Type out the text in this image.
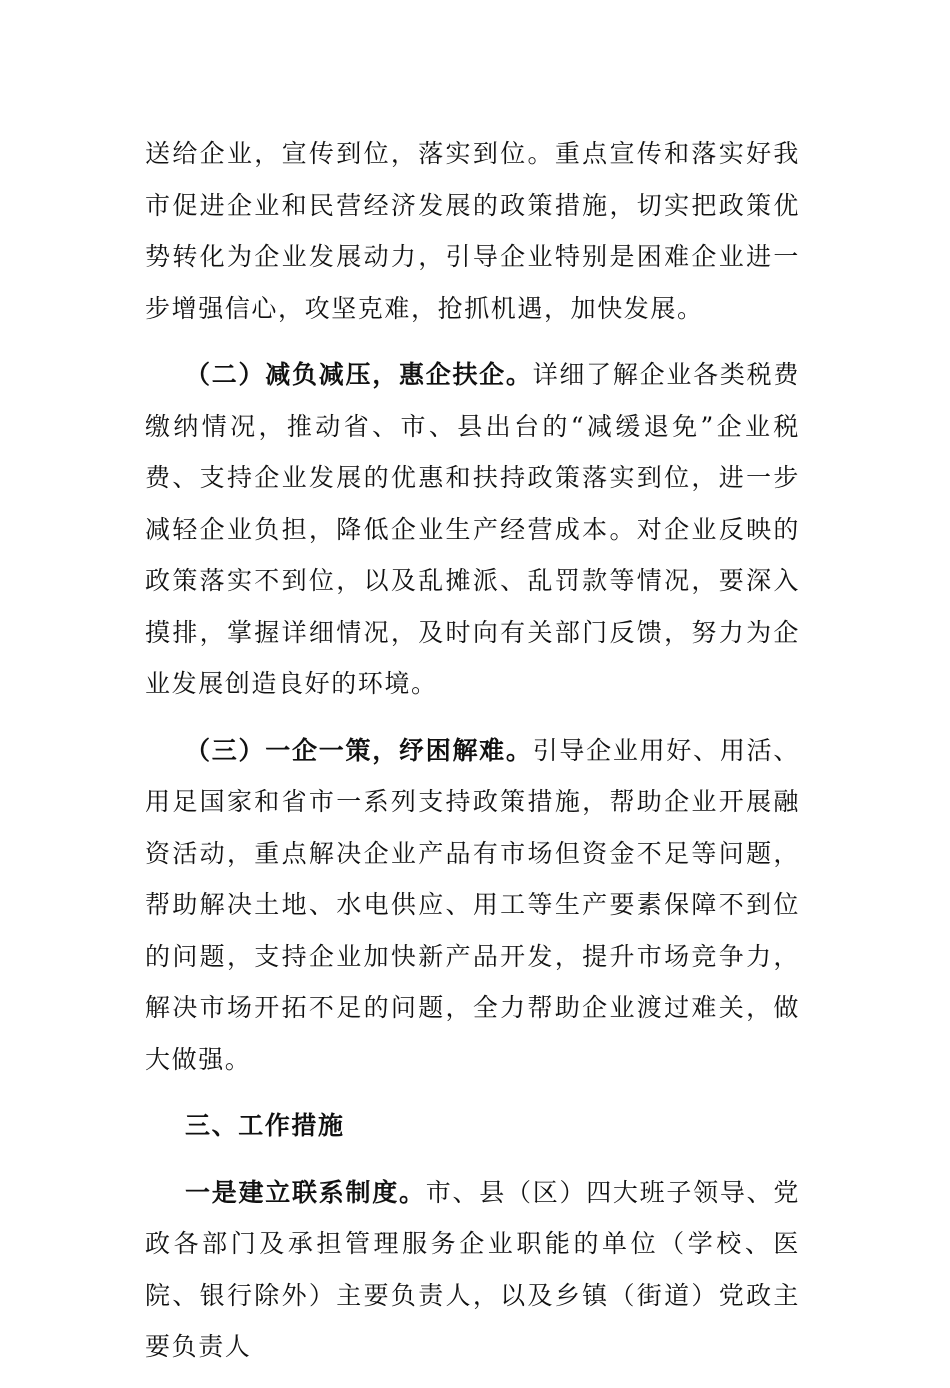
送给企业，宣传到位，落实到位。重点宣传和落实好我市促进企业和民营经济发展的政策措施，切实把政策优势转化为企业发展动力，引导企业特别是困难企业进一步增强信心，攻坚克难，抢抓机遇，加快发展。

（二）减负减压，惠企扶企。详细了解企业各类税费缴纳情况，推动省、市、县出台的“减缓退免”企业税费、支持企业发展的优惠和扶持政策落实到位，进一步减轻企业负担，降低企业生产经营成本。对企业反映的政策落实不到位，以及乱摊派、乱罚款等情况，要深入摸排，掌握详细情况，及时向有关部门反馈，努力为企业发展创造良好的环境。

（三）一企一策，纾困解难。引导企业用好、用活、用足国家和省市一系列支持政策措施，帮助企业开展融资活动，重点解决企业产品有市场但资金不足等问题，帮助解决土地、水电供应、用工等生产要素保障不到位的问题，支持企业加快新产品开发，提升市场竞争力，解决市场开拓不足的问题，全力帮助企业渡过难关，做大做强。

三、工作措施

一是建立联系制度。市、县（区）四大班子领导、党政各部门及承担管理服务企业职能的单位（学校、医院、银行除外）主要负责人，以及乡镇（街道）党政主要负责人
